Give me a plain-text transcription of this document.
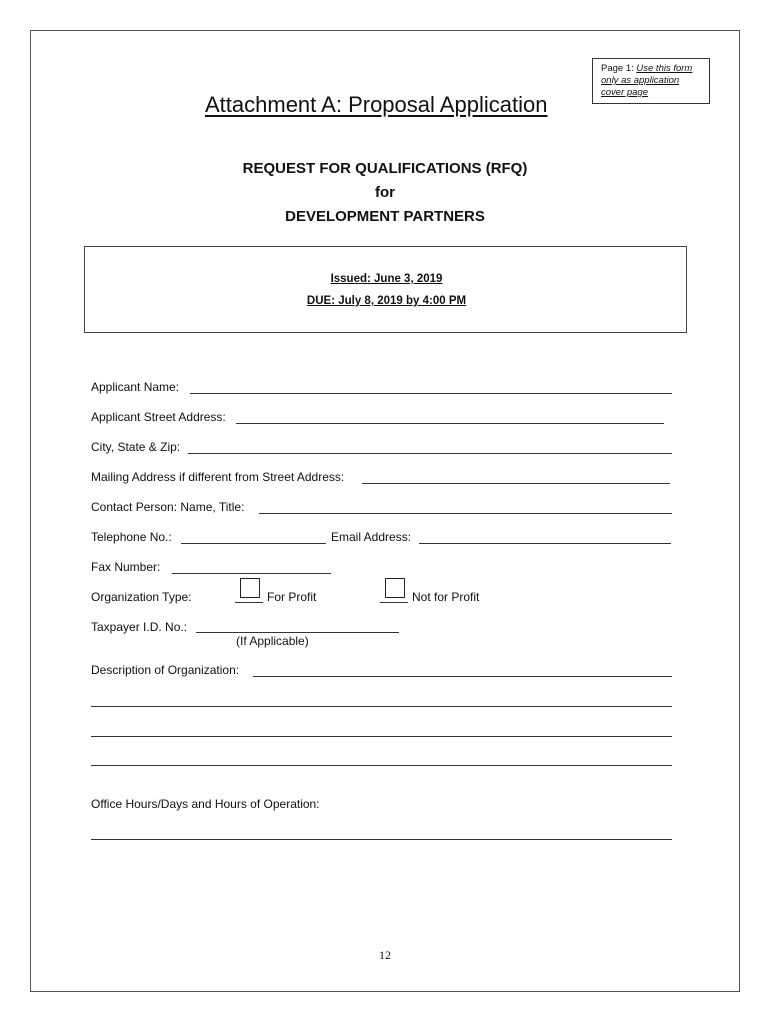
Page 1: Use this form
only as application
cover page
Attachment A: Proposal Application
REQUEST FOR QUALIFICATIONS (RFQ)
for
DEVELOPMENT PARTNERS
Issued: June 3, 2019
DUE: July 8, 2019 by 4:00 PM
Applicant Name:
Applicant Street Address:
City, State & Zip:
Mailing Address if different from Street Address:
Contact Person: Name, Title:
Telephone No.:	Email Address:
Fax Number:
Organization Type:	For Profit	Not for Profit
Taxpayer I.D. No.:
(If Applicable)
Description of Organization:
Office Hours/Days and Hours of Operation:
12
